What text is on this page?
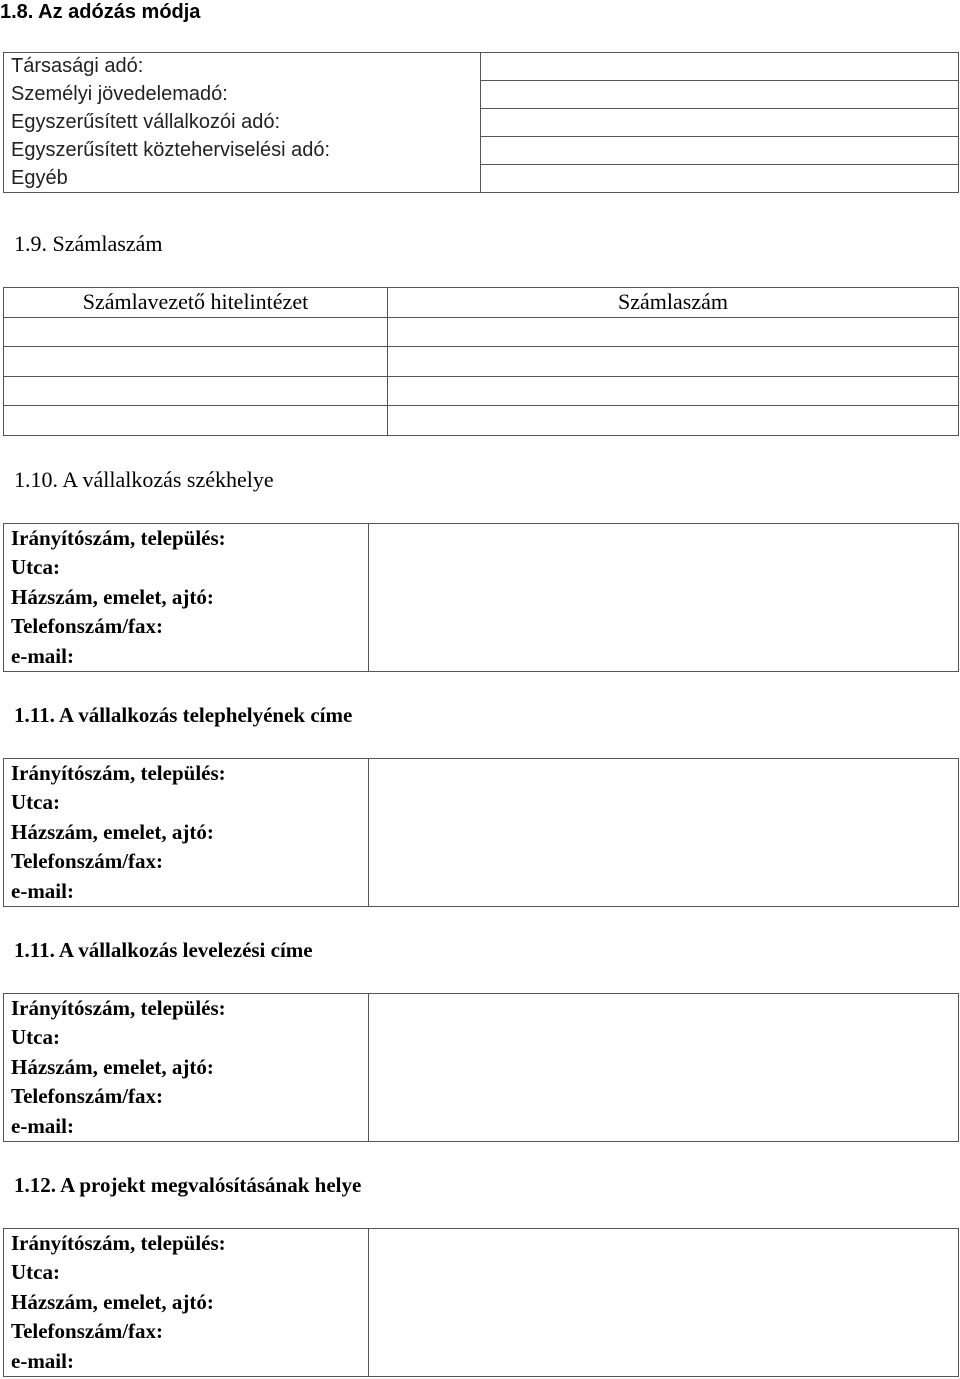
1.8. Az adózás módja
Társasági adó:	
Személyi jövedelemadó:	
Egyszerűsített vállalkozói adó:	
Egyszerűsített közteherviselési adó:	
Egyéb	
1.9. Számlaszám
Számlavezető hitelintézet	Számlaszám

1.10. A vállalkozás székhelye
Irányítószám, település:	
Utca:	
Házszám, emelet, ajtó:	
Telefonszám/fax:	
e-mail:	
1.11. A vállalkozás telephelyének címe
Irányítószám, település:	
Utca:	
Házszám, emelet, ajtó:	
Telefonszám/fax:	
e-mail:	
1.11. A vállalkozás levelezési címe
Irányítószám, település:	
Utca:	
Házszám, emelet, ajtó:	
Telefonszám/fax:	
e-mail:	
1.12. A projekt megvalósításának helye
Irányítószám, település:	
Utca:	
Házszám, emelet, ajtó:	
Telefonszám/fax:	
e-mail:	
